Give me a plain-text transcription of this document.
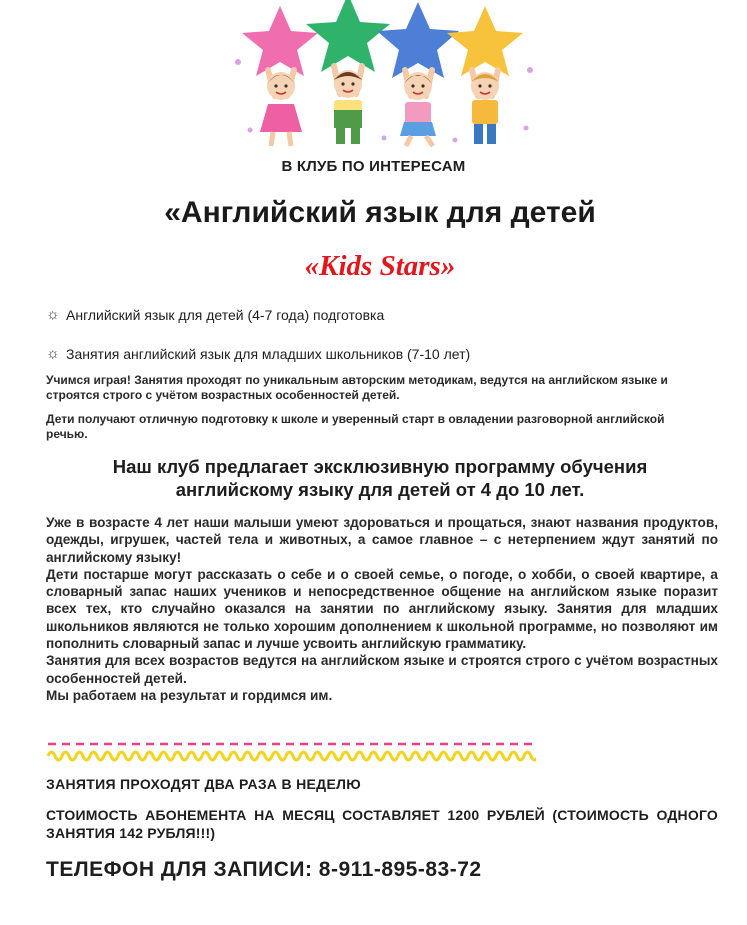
В КЛУБ ПО ИНТЕРЕСАМ
«Английский язык для детей
«Kids Stars»
☼ Английский язык для детей (4-7 года) подготовка
☼ Занятия английский язык для младших школьников (7-10 лет)
Учимся играя! Занятия проходят по уникальным авторским методикам, ведутся на английском языке и строятся строго с учётом возрастных особенностей детей.
Дети получают отличную подготовку к школе и уверенный старт в овладении разговорной английской речью.
Наш клуб предлагает эксклюзивную программу обучения
английскому языку для детей от 4 до 10 лет.

Уже в возрасте 4 лет наши малыши умеют здороваться и прощаться, знают названия продуктов, одежды, игрушек, частей тела и животных, а самое главное – с нетерпением ждут занятий по английскому языку!

Дети постарше могут рассказать о себе и о своей семье, о погоде, о хобби, о своей квартире, а словарный запас наших учеников и непосредственное общение на английском языке поразит всех тех, кто случайно оказался на занятии по английскому языку. Занятия для младших школьников являются не только хорошим дополнением к школьной программе, но позволяют им пополнить словарный запас и лучше усвоить английскую грамматику.

Занятия для всех возрастов ведутся на английском языке и строятся строго с учётом возрастных особенностей детей.

Мы работаем на результат и гордимся им.

ЗАНЯТИЯ ПРОХОДЯТ ДВА РАЗА В НЕДЕЛЮ
СТОИМОСТЬ АБОНЕМЕНТА НА МЕСЯЦ СОСТАВЛЯЕТ 1200 РУБЛЕЙ (СТОИМОСТЬ ОДНОГО ЗАНЯТИЯ 142 РУБЛЯ!!!)
ТЕЛЕФОН ДЛЯ ЗАПИСИ: 8-911-895-83-72
